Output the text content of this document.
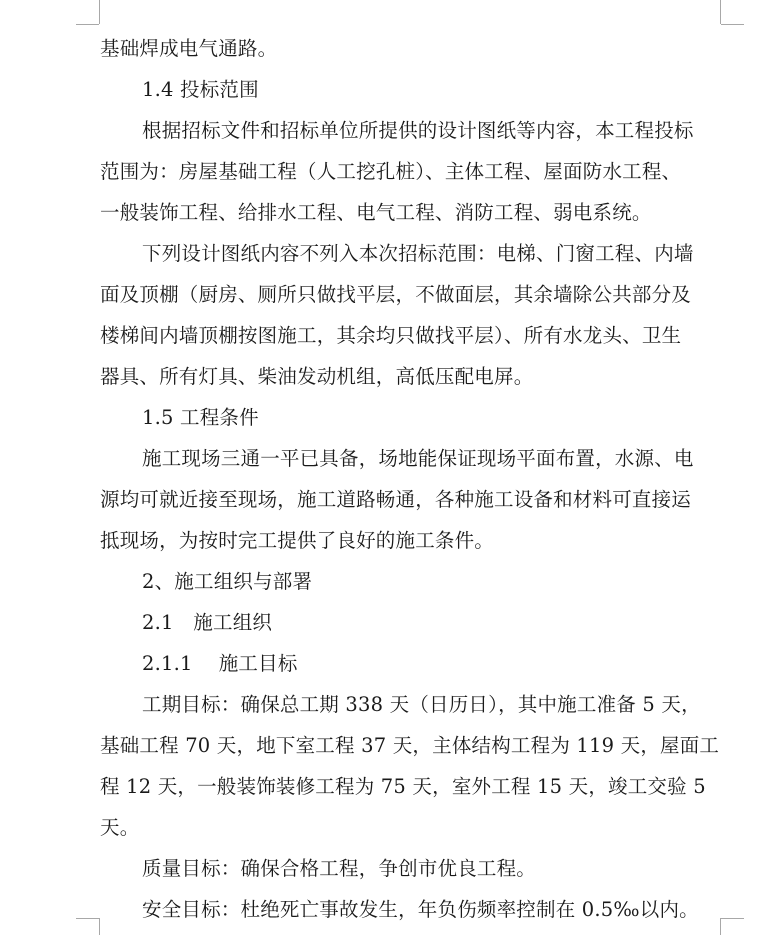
基础焊成电气通路。
1.4 投标范围
根据招标文件和招标单位所提供的设计图纸等内容，本工程投标
范围为：房屋基础工程（人工挖孔桩）、主体工程、屋面防水工程、
一般装饰工程、给排水工程、电气工程、消防工程、弱电系统。
下列设计图纸内容不列入本次招标范围：电梯、门窗工程、内墙
面及顶棚（厨房、厕所只做找平层，不做面层，其余墙除公共部分及
楼梯间内墙顶棚按图施工，其余均只做找平层）、所有水龙头、卫生
器具、所有灯具、柴油发动机组，高低压配电屏。
1.5 工程条件
施工现场三通一平已具备，场地能保证现场平面布置，水源、电
源均可就近接至现场，施工道路畅通，各种施工设备和材料可直接运
抵现场，为按时完工提供了良好的施工条件。
2、施工组织与部署
2.1　施工组织
2.1.1　 施工目标
工期目标：确保总工期 338 天（日历日），其中施工准备 5 天，
基础工程 70 天，地下室工程 37 天，主体结构工程为 119 天，屋面工
程 12 天，一般装饰装修工程为 75 天，室外工程 15 天，竣工交验 5
天。
质量目标：确保合格工程，争创市优良工程。
安全目标：杜绝死亡事故发生，年负伤频率控制在 0.5‰以内。
